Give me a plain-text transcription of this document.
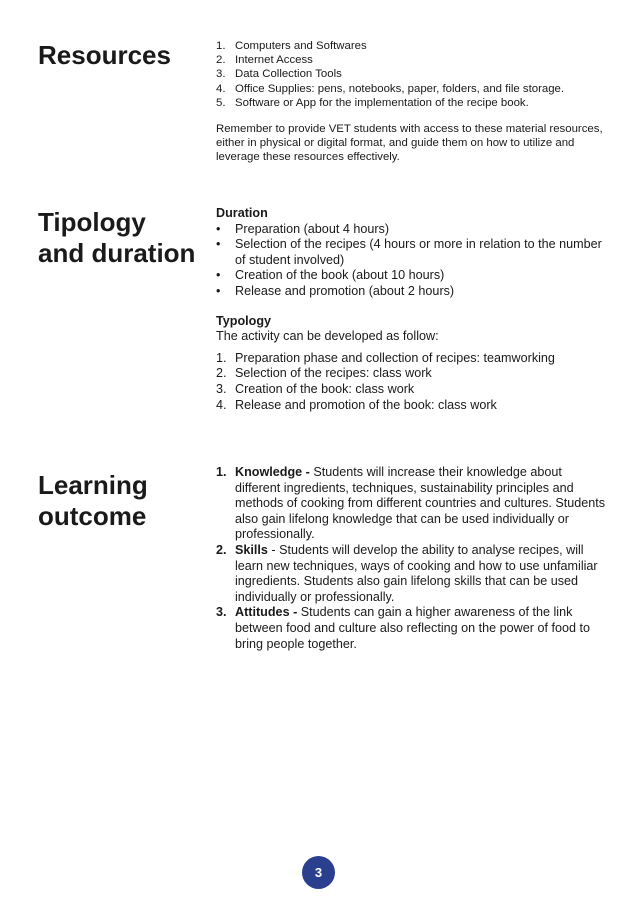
Resources	1. Computers and Softwares
2. Internet Access
3. Data Collection Tools
4. Office Supplies: pens, notebooks, paper, folders, and file storage.
5. Software or App for the implementation of the recipe book.

Remember to provide VET students with access to these material resources, either in physical or digital format, and guide them on how to utilize and leverage these resources effectively.

Tipology
and duration

Duration

• Preparation (about 4 hours)
• Selection of the recipes (4 hours or more in relation to the number of student involved)
• Creation of the book (about 10 hours)
• Release and promotion (about 2 hours)

Typology

The activity can be developed as follow:

1. Preparation phase and collection of recipes: teamworking
2. Selection of the recipes: class work
3. Creation of the book: class work
4. Release and promotion of the book: class work
Learning
outcome
1. Knowledge - Students will increase their knowledge about different ingredients, techniques, sustainability principles and methods of cooking from different countries and cultures. Students also gain lifelong knowledge that can be used individually or professionally.
2. Skills - Students will develop the ability to analyse recipes, will learn new techniques, ways of cooking and how to use unfamiliar ingredients. Students also gain lifelong skills that can be used individually or professionally.
3. Attitudes - Students can gain a higher awareness of the link between food and culture also reflecting on the power of food to bring people together.
3
